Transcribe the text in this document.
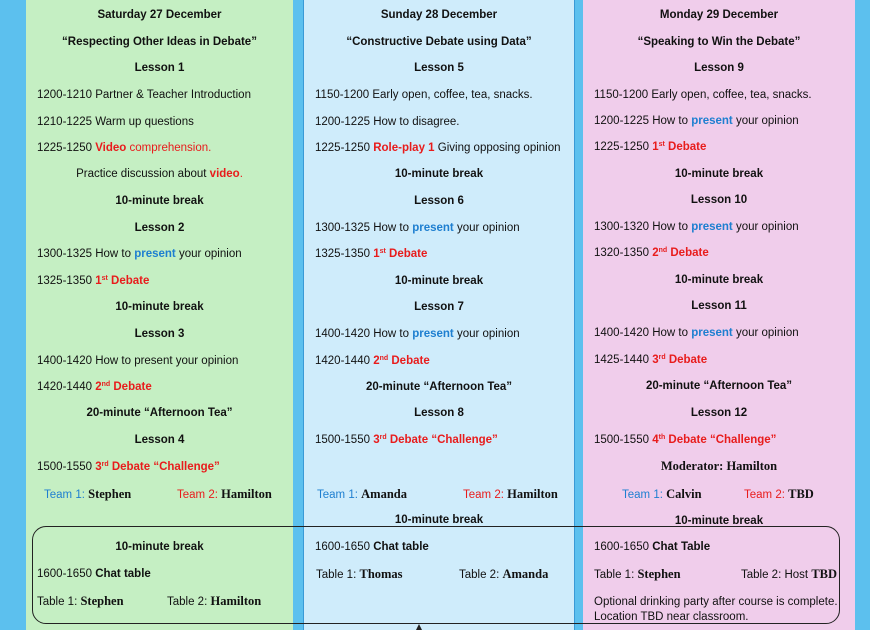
Saturday 27 December
“Respecting Other Ideas in Debate”
Lesson 1
1200-1210 Partner & Teacher Introduction
1210-1225 Warm up questions
1225-1250 Video comprehension.
Practice discussion about video.
10-minute break
Lesson 2
1300-1325 How to present your opinion
1325-1350 1st Debate
10-minute break
Lesson 3
1400-1420 How to present your opinion
1420-1440 2nd Debate
20-minute “Afternoon Tea”
Lesson 4
1500-1550 3rd Debate “Challenge”
Team 1: Stephen	Team 2: Hamilton
10-minute break
1600-1650 Chat table
Table 1: Stephen	Table 2: Hamilton
Sunday 28 December
“Constructive Debate using Data”
Lesson 5
1150-1200 Early open, coffee, tea, snacks.
1200-1225 How to disagree.
1225-1250 Role-play 1 Giving opposing opinion
10-minute break
Lesson 6
1300-1325 How to present your opinion
1325-1350 1st Debate
10-minute break
Lesson 7
1400-1420 How to present your opinion
1420-1440 2nd Debate
20-minute “Afternoon Tea”
Lesson 8
1500-1550 3rd Debate “Challenge”
Team 1: Amanda	Team 2: Hamilton
10-minute break
1600-1650 Chat table
Table 1: Thomas	Table 2: Amanda
Monday 29 December
“Speaking to Win the Debate”
Lesson 9
1150-1200 Early open, coffee, tea, snacks.
1200-1225 How to present your opinion
1225-1250 1st Debate
10-minute break
Lesson 10
1300-1320 How to present your opinion
1320-1350 2nd Debate
10-minute break
Lesson 11
1400-1420 How to present your opinion
1425-1440 3rd Debate
20-minute “Afternoon Tea”
Lesson 12
1500-1550 4th Debate “Challenge”
Moderator: Hamilton
Team 1: Calvin	Team 2: TBD
10-minute break
1600-1650 Chat Table
Table 1: Stephen	Table 2: Host TBD
Optional drinking party after course is complete.
Location TBD near classroom.
